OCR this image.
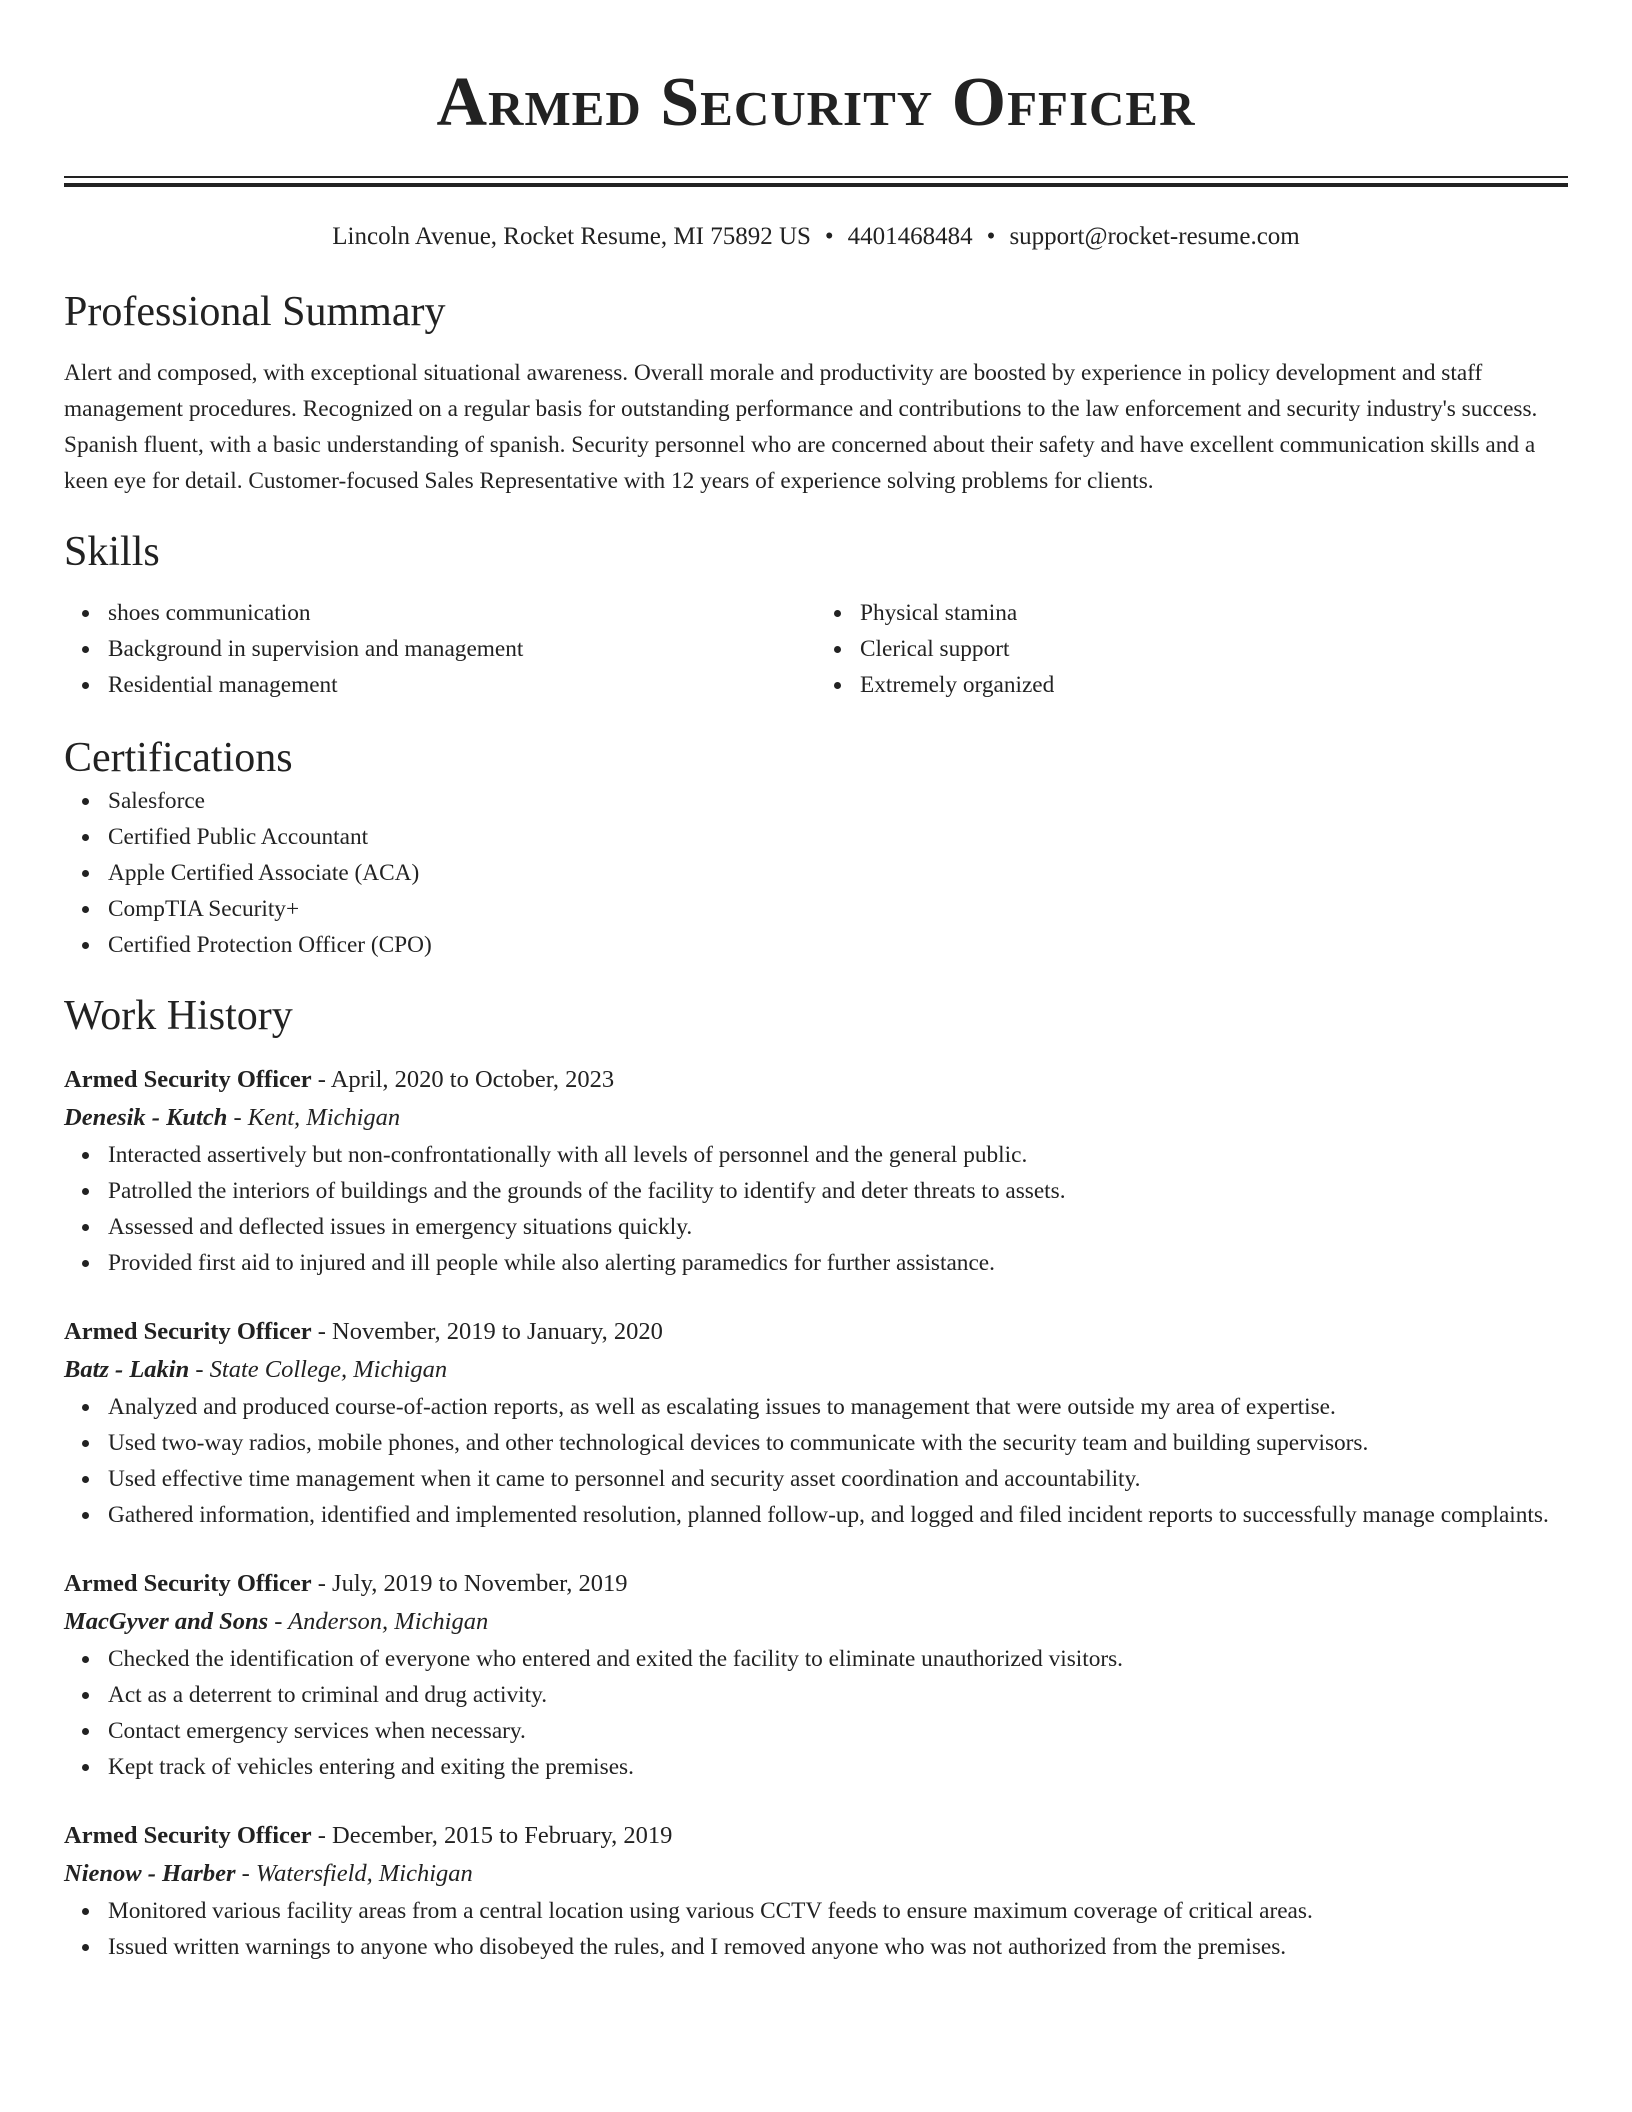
Armed Security Officer
Lincoln Avenue, Rocket Resume, MI 75892 US • 4401468484 • support@rocket-resume.com
Professional Summary

Alert and composed, with exceptional situational awareness. Overall morale and productivity are boosted by experience in policy development and staff management procedures. Recognized on a regular basis for outstanding performance and contributions to the law enforcement and security industry's success. Spanish fluent, with a basic understanding of spanish. Security personnel who are concerned about their safety and have excellent communication skills and a keen eye for detail. Customer-focused Sales Representative with 12 years of experience solving problems for clients.

Skills
shoes communication
Background in supervision and management
Residential management
Physical stamina
Clerical support
Extremely organized
Certifications
Salesforce
Certified Public Accountant
Apple Certified Associate (ACA)
CompTIA Security+
Certified Protection Officer (CPO)
Work History
Armed Security Officer - April, 2020 to October, 2023
Denesik - Kutch - Kent, Michigan
Interacted assertively but non-confrontationally with all levels of personnel and the general public.
Patrolled the interiors of buildings and the grounds of the facility to identify and deter threats to assets.
Assessed and deflected issues in emergency situations quickly.
Provided first aid to injured and ill people while also alerting paramedics for further assistance.
Armed Security Officer - November, 2019 to January, 2020
Batz - Lakin - State College, Michigan
Analyzed and produced course-of-action reports, as well as escalating issues to management that were outside my area of expertise.
Used two-way radios, mobile phones, and other technological devices to communicate with the security team and building supervisors.
Used effective time management when it came to personnel and security asset coordination and accountability.
Gathered information, identified and implemented resolution, planned follow-up, and logged and filed incident reports to successfully manage complaints.
Armed Security Officer - July, 2019 to November, 2019
MacGyver and Sons - Anderson, Michigan
Checked the identification of everyone who entered and exited the facility to eliminate unauthorized visitors.
Act as a deterrent to criminal and drug activity.
Contact emergency services when necessary.
Kept track of vehicles entering and exiting the premises.
Armed Security Officer - December, 2015 to February, 2019
Nienow - Harber - Watersfield, Michigan
Monitored various facility areas from a central location using various CCTV feeds to ensure maximum coverage of critical areas.
Issued written warnings to anyone who disobeyed the rules, and I removed anyone who was not authorized from the premises.
